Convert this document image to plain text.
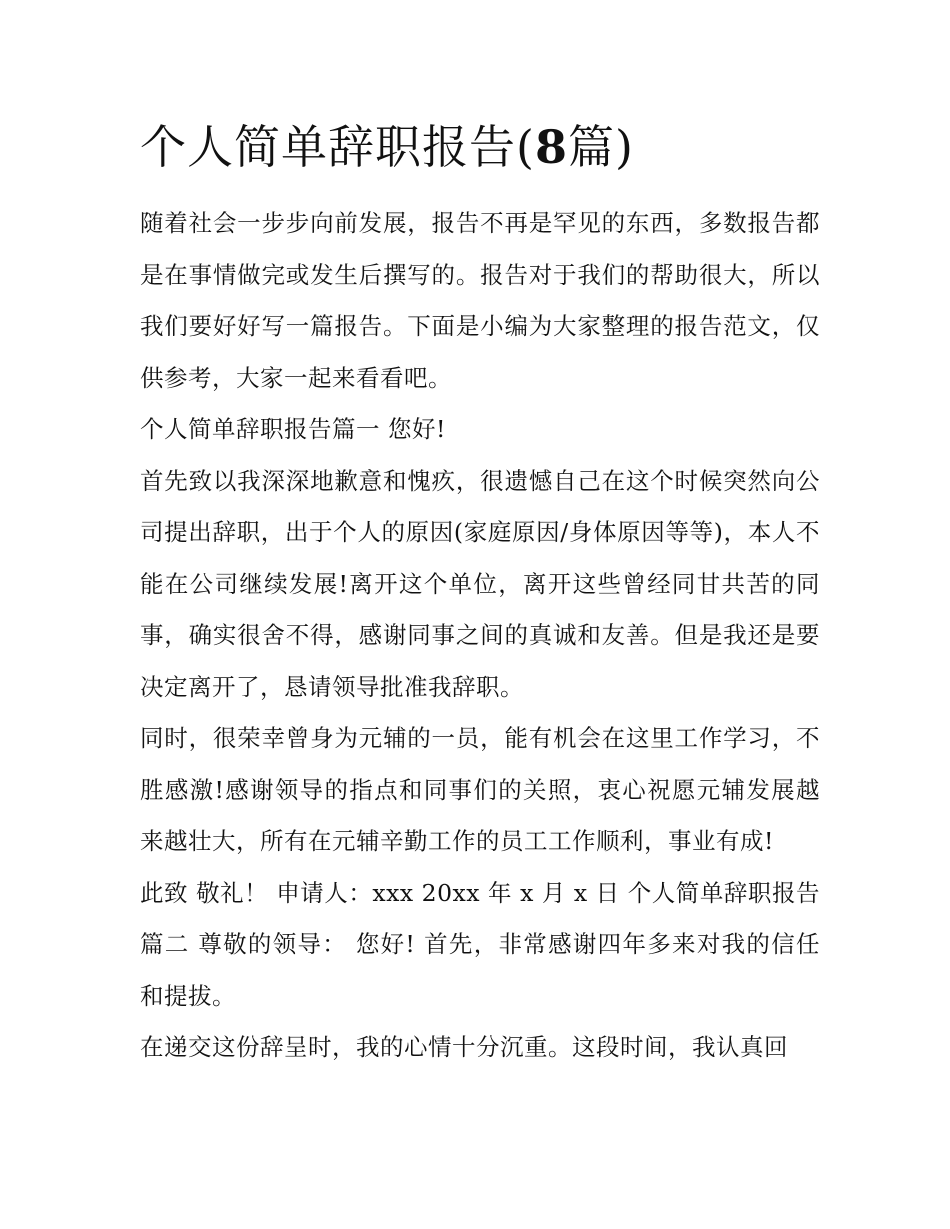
个人简单辞职报告(8篇)

随着社会一步步向前发展，报告不再是罕见的东西，多数报告都是在事情做完或发生后撰写的。报告对于我们的帮助很大，所以我们要好好写一篇报告。下面是小编为大家整理的报告范文，仅供参考，大家一起来看看吧。

个人简单辞职报告篇一 您好!

首先致以我深深地歉意和愧疚，很遗憾自己在这个时候突然向公司提出辞职，出于个人的原因(家庭原因/身体原因等等)，本人不能在公司继续发展!离开这个单位，离开这些曾经同甘共苦的同事，确实很舍不得，感谢同事之间的真诚和友善。但是我还是要决定离开了，恳请领导批准我辞职。

同时，很荣幸曾身为元辅的一员，能有机会在这里工作学习，不胜感激!感谢领导的指点和同事们的关照，衷心祝愿元辅发展越来越壮大，所有在元辅辛勤工作的员工工作顺利，事业有成!

此致 敬礼！ 申请人：xxx 20xx 年 x 月 x 日 个人简单辞职报告篇二 尊敬的领导： 您好! 首先，非常感谢四年多来对我的信任和提拔。

在递交这份辞呈时，我的心情十分沉重。这段时间，我认真回
